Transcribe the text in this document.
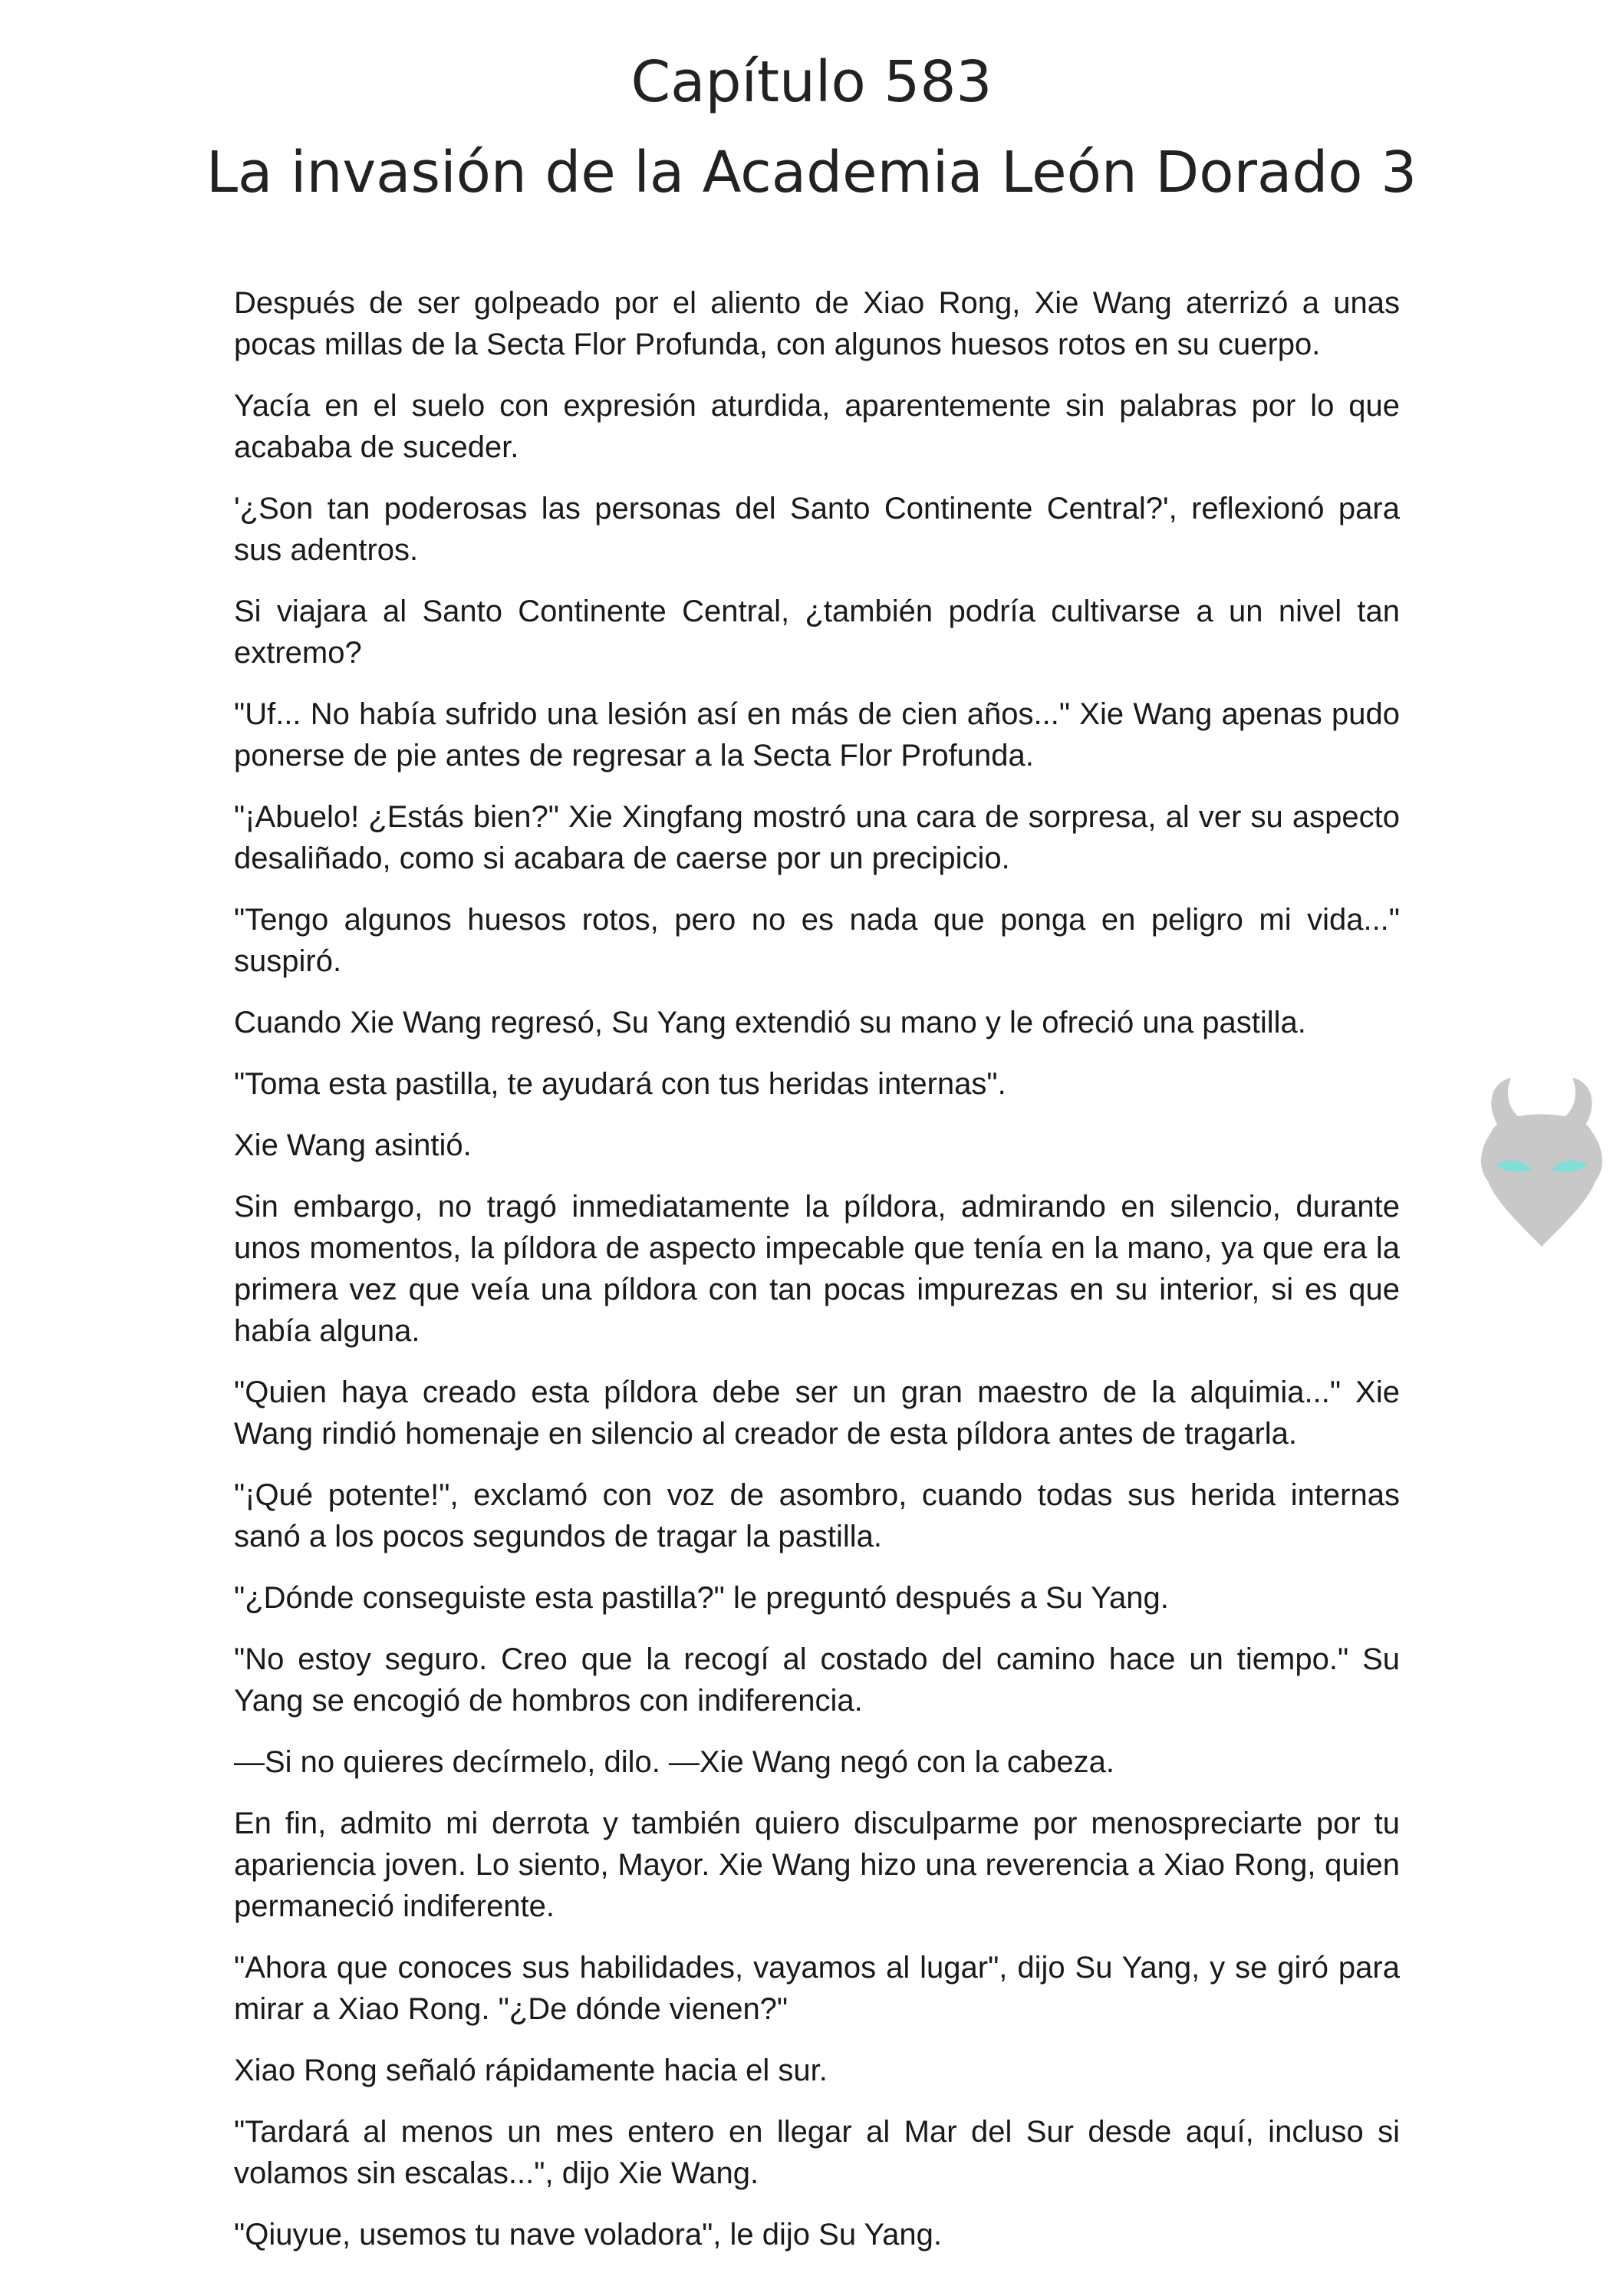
Capítulo 583

La invasión de la Academia León Dorado 3

Después de ser golpeado por el aliento de Xiao Rong, Xie Wang aterrizó a unas pocas millas de la Secta Flor Profunda, con algunos huesos rotos en su cuerpo.

Yacía en el suelo con expresión aturdida, aparentemente sin palabras por lo que acababa de suceder.

'¿Son tan poderosas las personas del Santo Continente Central?', reflexionó para sus adentros.

Si viajara al Santo Continente Central, ¿también podría cultivarse a un nivel tan extremo?

"Uf... No había sufrido una lesión así en más de cien años..." Xie Wang apenas pudo ponerse de pie antes de regresar a la Secta Flor Profunda.

"¡Abuelo! ¿Estás bien?" Xie Xingfang mostró una cara de sorpresa, al ver su aspecto desaliñado, como si acabara de caerse por un precipicio.

"Tengo algunos huesos rotos, pero no es nada que ponga en peligro mi vida..." suspiró.

Cuando Xie Wang regresó, Su Yang extendió su mano y le ofreció una pastilla.

"Toma esta pastilla, te ayudará con tus heridas internas".

Xie Wang asintió.

Sin embargo, no tragó inmediatamente la píldora, admirando en silencio, durante unos momentos, la píldora de aspecto impecable que tenía en la mano, ya que era la primera vez que veía una píldora con tan pocas impurezas en su interior, si es que había alguna.

"Quien haya creado esta píldora debe ser un gran maestro de la alquimia..." Xie Wang rindió homenaje en silencio al creador de esta píldora antes de tragarla.

"¡Qué potente!", exclamó con voz de asombro, cuando todas sus herida internas sanó a los pocos segundos de tragar la pastilla.

"¿Dónde conseguiste esta pastilla?" le preguntó después a Su Yang.

"No estoy seguro. Creo que la recogí al costado del camino hace un tiempo." Su Yang se encogió de hombros con indiferencia.

—Si no quieres decírmelo, dilo. —Xie Wang negó con la cabeza.

En fin, admito mi derrota y también quiero disculparme por menospreciarte por tu apariencia joven. Lo siento, Mayor. Xie Wang hizo una reverencia a Xiao Rong, quien permaneció indiferente.

"Ahora que conoces sus habilidades, vayamos al lugar", dijo Su Yang, y se giró para mirar a Xiao Rong. "¿De dónde vienen?"

Xiao Rong señaló rápidamente hacia el sur.

"Tardará al menos un mes entero en llegar al Mar del Sur desde aquí, incluso si volamos sin escalas...", dijo Xie Wang.

"Qiuyue, usemos tu nave voladora", le dijo Su Yang.
